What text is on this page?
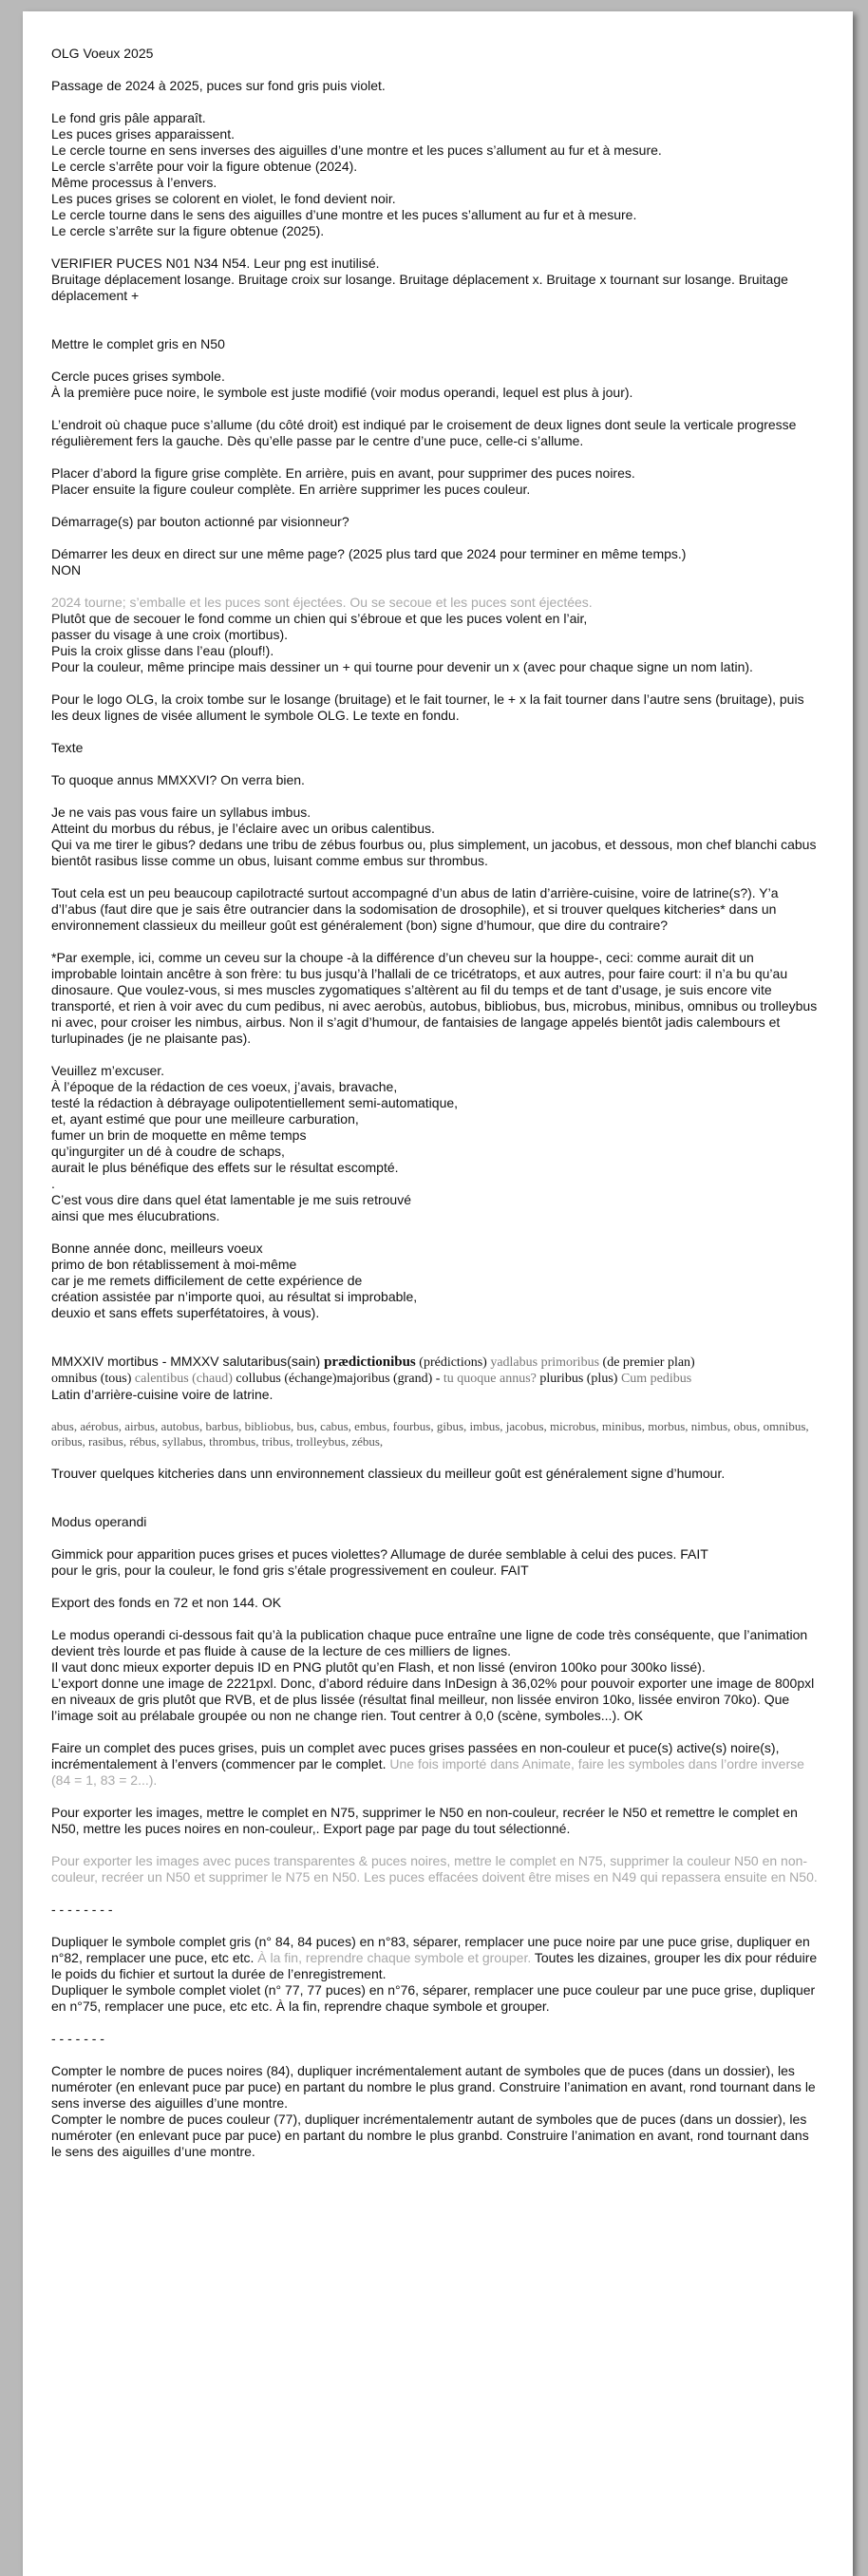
OLG Voeux 2025

Passage de 2024 à 2025, puces sur fond gris puis violet.

Le fond gris pâle apparaît.
Les puces grises apparaissent.
Le cercle tourne en sens inverses des aiguilles d’une montre et les puces s’allument au fur et à mesure.
Le cercle s’arrête pour voir la figure obtenue (2024).
Même processus à l’envers.
Les puces grises se colorent en violet, le fond devient noir.
Le cercle tourne dans le sens des aiguilles d’une montre et les puces s’allument au fur et à mesure.
Le cercle s’arrête sur la figure obtenue (2025).

VERIFIER PUCES N01 N34 N54. Leur png est inutilisé.
Bruitage déplacement losange. Bruitage croix sur losange. Bruitage déplacement x. Bruitage x tournant sur losange. Bruitage déplacement +

Mettre le complet gris en N50

Cercle puces grises symbole.
À la première puce noire, le symbole est juste modifié (voir modus operandi, lequel est plus à jour).

L’endroit où chaque puce s’allume (du côté droit) est indiqué par le croisement de deux lignes dont seule la verticale progresse régulièrement fers la gauche. Dès qu’elle passe par le centre d’une puce, celle-ci s’allume.

Placer d’abord la figure grise complète. En arrière, puis en avant, pour supprimer des puces noires.
Placer ensuite la figure couleur complète. En arrière supprimer les puces couleur.

Démarrage(s) par bouton actionné par visionneur?

Démarrer les deux en direct sur une même page? (2025 plus tard que 2024 pour terminer en même temps.)
NON

2024 tourne; s’emballe et les puces sont éjectées. Ou se secoue et les puces sont éjectées.

Plutôt que de secouer le fond comme un chien qui s’ébroue et que les puces volent en l’air,
passer du visage à une croix (mortibus).
Puis la croix glisse dans l’eau (plouf!).
Pour la couleur, même principe mais dessiner un + qui tourne pour devenir un x (avec pour chaque signe un nom latin).

Pour le logo OLG, la croix tombe sur le losange (bruitage) et le fait tourner, le + x la fait tourner dans l’autre sens (bruitage), puis les deux lignes de visée allument le symbole OLG. Le texte en fondu.

Texte

To quoque annus MMXXVI? On verra bien.

Je ne vais pas vous faire un syllabus imbus.
Atteint du morbus du rébus, je l’éclaire avec un oribus calentibus.
Qui va me tirer le gibus? dedans une tribu de zébus fourbus ou, plus simplement, un jacobus, et dessous, mon chef blanchi cabus bientôt rasibus lisse comme un obus, luisant comme embus sur thrombus.

Tout cela est un peu beaucoup capilotracté surtout accompagné d’un abus de latin d’arrière-cuisine, voire de latrine(s?). Y’a d’l’abus (faut dire que je sais être outrancier dans la sodomisation de drosophile), et si trouver quelques kitcheries* dans un environnement classieux du meilleur goût est généralement (bon) signe d’humour, que dire du contraire?

*Par exemple, ici, comme un ceveu sur la choupe -à la différence d’un cheveu sur la houppe-, ceci: comme aurait dit un improbable lointain ancêtre à son frère: tu bus jusqu’à l’hallali de ce tricétratops, et aux autres, pour faire court: il n’a bu qu’au dinosaure. Que voulez-vous, si mes muscles zygomatiques s’altèrent au fil du temps et de tant d’usage, je suis encore vite transporté, et rien à voir avec du cum pedibus, ni avec aerobùs, autobus, bibliobus, bus, microbus, minibus, omnibus ou trolleybus ni avec, pour croiser les nimbus, airbus. Non il s’agit d’humour, de fantaisies de langage appelés bientôt jadis calembours et turlupinades (je ne plaisante pas).

Veuillez m’excuser.
À l’époque de la rédaction de ces voeux, j’avais, bravache,
testé la rédaction à débrayage oulipotentiellement semi-automatique,
et, ayant estimé que pour une meilleure carburation,
fumer un brin de moquette en même temps
qu’ingurgiter un dé à coudre de schaps,
aurait le plus bénéfique des effets sur le résultat escompté.
.

C’est vous dire dans quel état lamentable je me suis retrouvé
ainsi que mes élucubrations.

Bonne année donc, meilleurs voeux
primo de bon rétablissement à moi-même
car je me remets difficilement de cette expérience de
création assistée par n’importe quoi, au résultat si improbable,
deuxio et sans effets superfétatoires, à vous).

MMXXIV mortibus - MMXXV salutaribus(sain) prædictionibus (prédictions) yadlabus primoribus (de premier plan)
omnibus (tous) calentibus (chaud) collubus (échange)majoribus (grand) - tu quoque annus? pluribus (plus) Cum pedibus

Latin d’arrière-cuisine voire de latrine.

abus, aérobus, airbus, autobus, barbus, bibliobus, bus, cabus, embus, fourbus, gibus, imbus, jacobus, microbus, minibus, morbus, nimbus, obus, omnibus, oribus, rasibus, rébus, syllabus, thrombus, tribus, trolleybus, zébus,

Trouver quelques kitcheries dans unn environnement classieux du meilleur goût est généralement signe d’humour.

Modus operandi

Gimmick pour apparition puces grises et puces violettes? Allumage de durée semblable à celui des puces. FAIT
pour le gris, pour la couleur, le fond gris s’étale progressivement en couleur. FAIT

Export des fonds en 72 et non 144. OK

Le modus operandi ci-dessous fait qu’à la publication chaque puce entraîne une ligne de code très conséquente, que l’animation devient très lourde et pas fluide à cause de la lecture de ces milliers de lignes.
Il vaut donc mieux exporter depuis ID en PNG plutôt qu’en Flash, et non lissé (environ 100ko pour 300ko lissé).
L’export donne une image de 2221pxl. Donc, d’abord réduire dans InDesign à 36,02% pour pouvoir exporter une image de 800pxl en niveaux de gris plutôt que RVB, et de plus lissée (résultat final meilleur, non lissée environ 10ko, lissée environ 70ko). Que l’image soit au prélabale groupée ou non ne change rien. Tout centrer à 0,0 (scène, symboles...). OK

Faire un complet des puces grises, puis un complet avec puces grises passées en non-couleur et puce(s) active(s) noire(s), incrémentalement à l’envers (commencer par le complet. Une fois importé dans Animate, faire les symboles dans l’ordre inverse (84 = 1, 83 = 2...).

Pour exporter les images, mettre le complet en N75, supprimer le N50 en non-couleur, recréer le N50 et remettre le complet en N50, mettre les puces noires en non-couleur,. Export page par page du tout sélectionné.

Pour exporter les images avec puces transparentes & puces noires, mettre le complet en N75, supprimer la couleur N50 en non-couleur, recréer un N50 et supprimer le N75 en N50. Les puces effacées doivent être mises en N49 qui repassera ensuite en N50.

- - - - - - - -

Dupliquer le symbole complet gris (n° 84, 84 puces) en n°83, séparer, remplacer une puce noire par une puce grise, dupliquer en n°82, remplacer une puce, etc etc. À la fin, reprendre chaque symbole et grouper. Toutes les dizaines, grouper les dix pour réduire le poids du fichier et surtout la durée de l’enregistrement.
Dupliquer le symbole complet violet (n° 77, 77 puces) en n°76, séparer, remplacer une puce couleur par une puce grise, dupliquer en n°75, remplacer une puce, etc etc. À la fin, reprendre chaque symbole et grouper.

- - - - - - -

Compter le nombre de puces noires (84), dupliquer incrémentalement autant de symboles que de puces (dans un dossier), les numéroter (en enlevant puce par puce) en partant du nombre le plus grand. Construire l’animation en avant, rond tournant dans le sens inverse des aiguilles d’une montre.
Compter le nombre de puces couleur (77), dupliquer incrémentalementr autant de symboles que de puces (dans un dossier), les numéroter (en enlevant puce par puce) en partant du nombre le plus granbd. Construire l’animation en avant, rond tournant dans le sens des aiguilles d’une montre.
